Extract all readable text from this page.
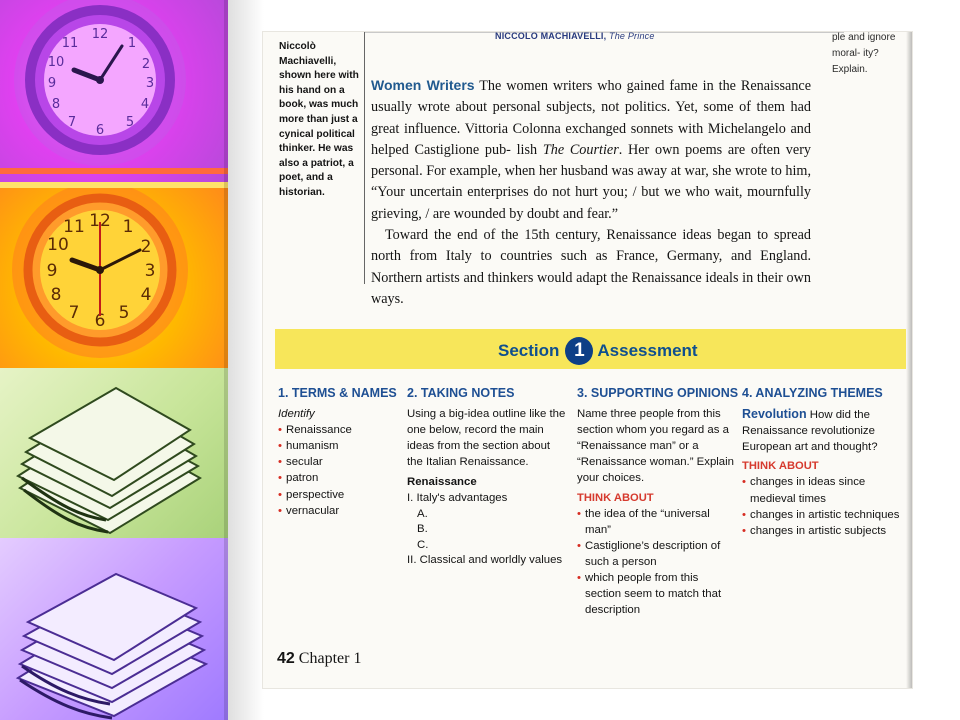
12
1
2
3
4
5
6
7
8
9
10
11
12 1
2
3
4
5
6
7
8
9
10
11
NICCOLÒ MACHIAVELLI, The Prince	ple and ignore moral- ity? Explain.
Niccolò Machiavelli, shown here with his hand on a book, was much more than just a cynical political thinker. He was also a patriot, a poet, and a historian.

Women Writers The women writers who gained fame in the Renaissance usually wrote about personal subjects, not politics. Yet, some of them had great influence. Vittoria Colonna exchanged sonnets with Michelangelo and helped Castiglione pub- lish The Courtier. Her own poems are often very personal. For example, when her husband was away at war, she wrote to him, “Your uncertain enterprises do not hurt you; / but we who wait, mournfully grieving, / are wounded by doubt and fear.”

Toward the end of the 15th century, Renaissance ideas began to spread north from Italy to countries such as France, Germany, and England. Northern artists and thinkers would adapt the Renaissance ideals in their own ways.

Section 1 Assessment
1. TERMS & NAMES
Identify
• Renaissance
• humanism
• secular
• patron
• perspective
• vernacular
2. TAKING NOTES
Using a big-idea outline like the one below, record the main ideas from the section about the Italian Renaissance.
Renaissance
I. Italy's advantages
A.
B.
C.
II. Classical and worldly values
3. SUPPORTING OPINIONS
Name three people from this section whom you regard as a “Renaissance man” or a “Renaissance woman.” Explain your choices.
THINK ABOUT
• the idea of the “universal man”
• Castiglione’s description of such a person
• which people from this section seem to match that description
4. ANALYZING THEMES
Revolution How did the Renaissance revolutionize European art and thought?
THINK ABOUT
• changes in ideas since medieval times
• changes in artistic techniques
• changes in artistic subjects
42 Chapter 1
